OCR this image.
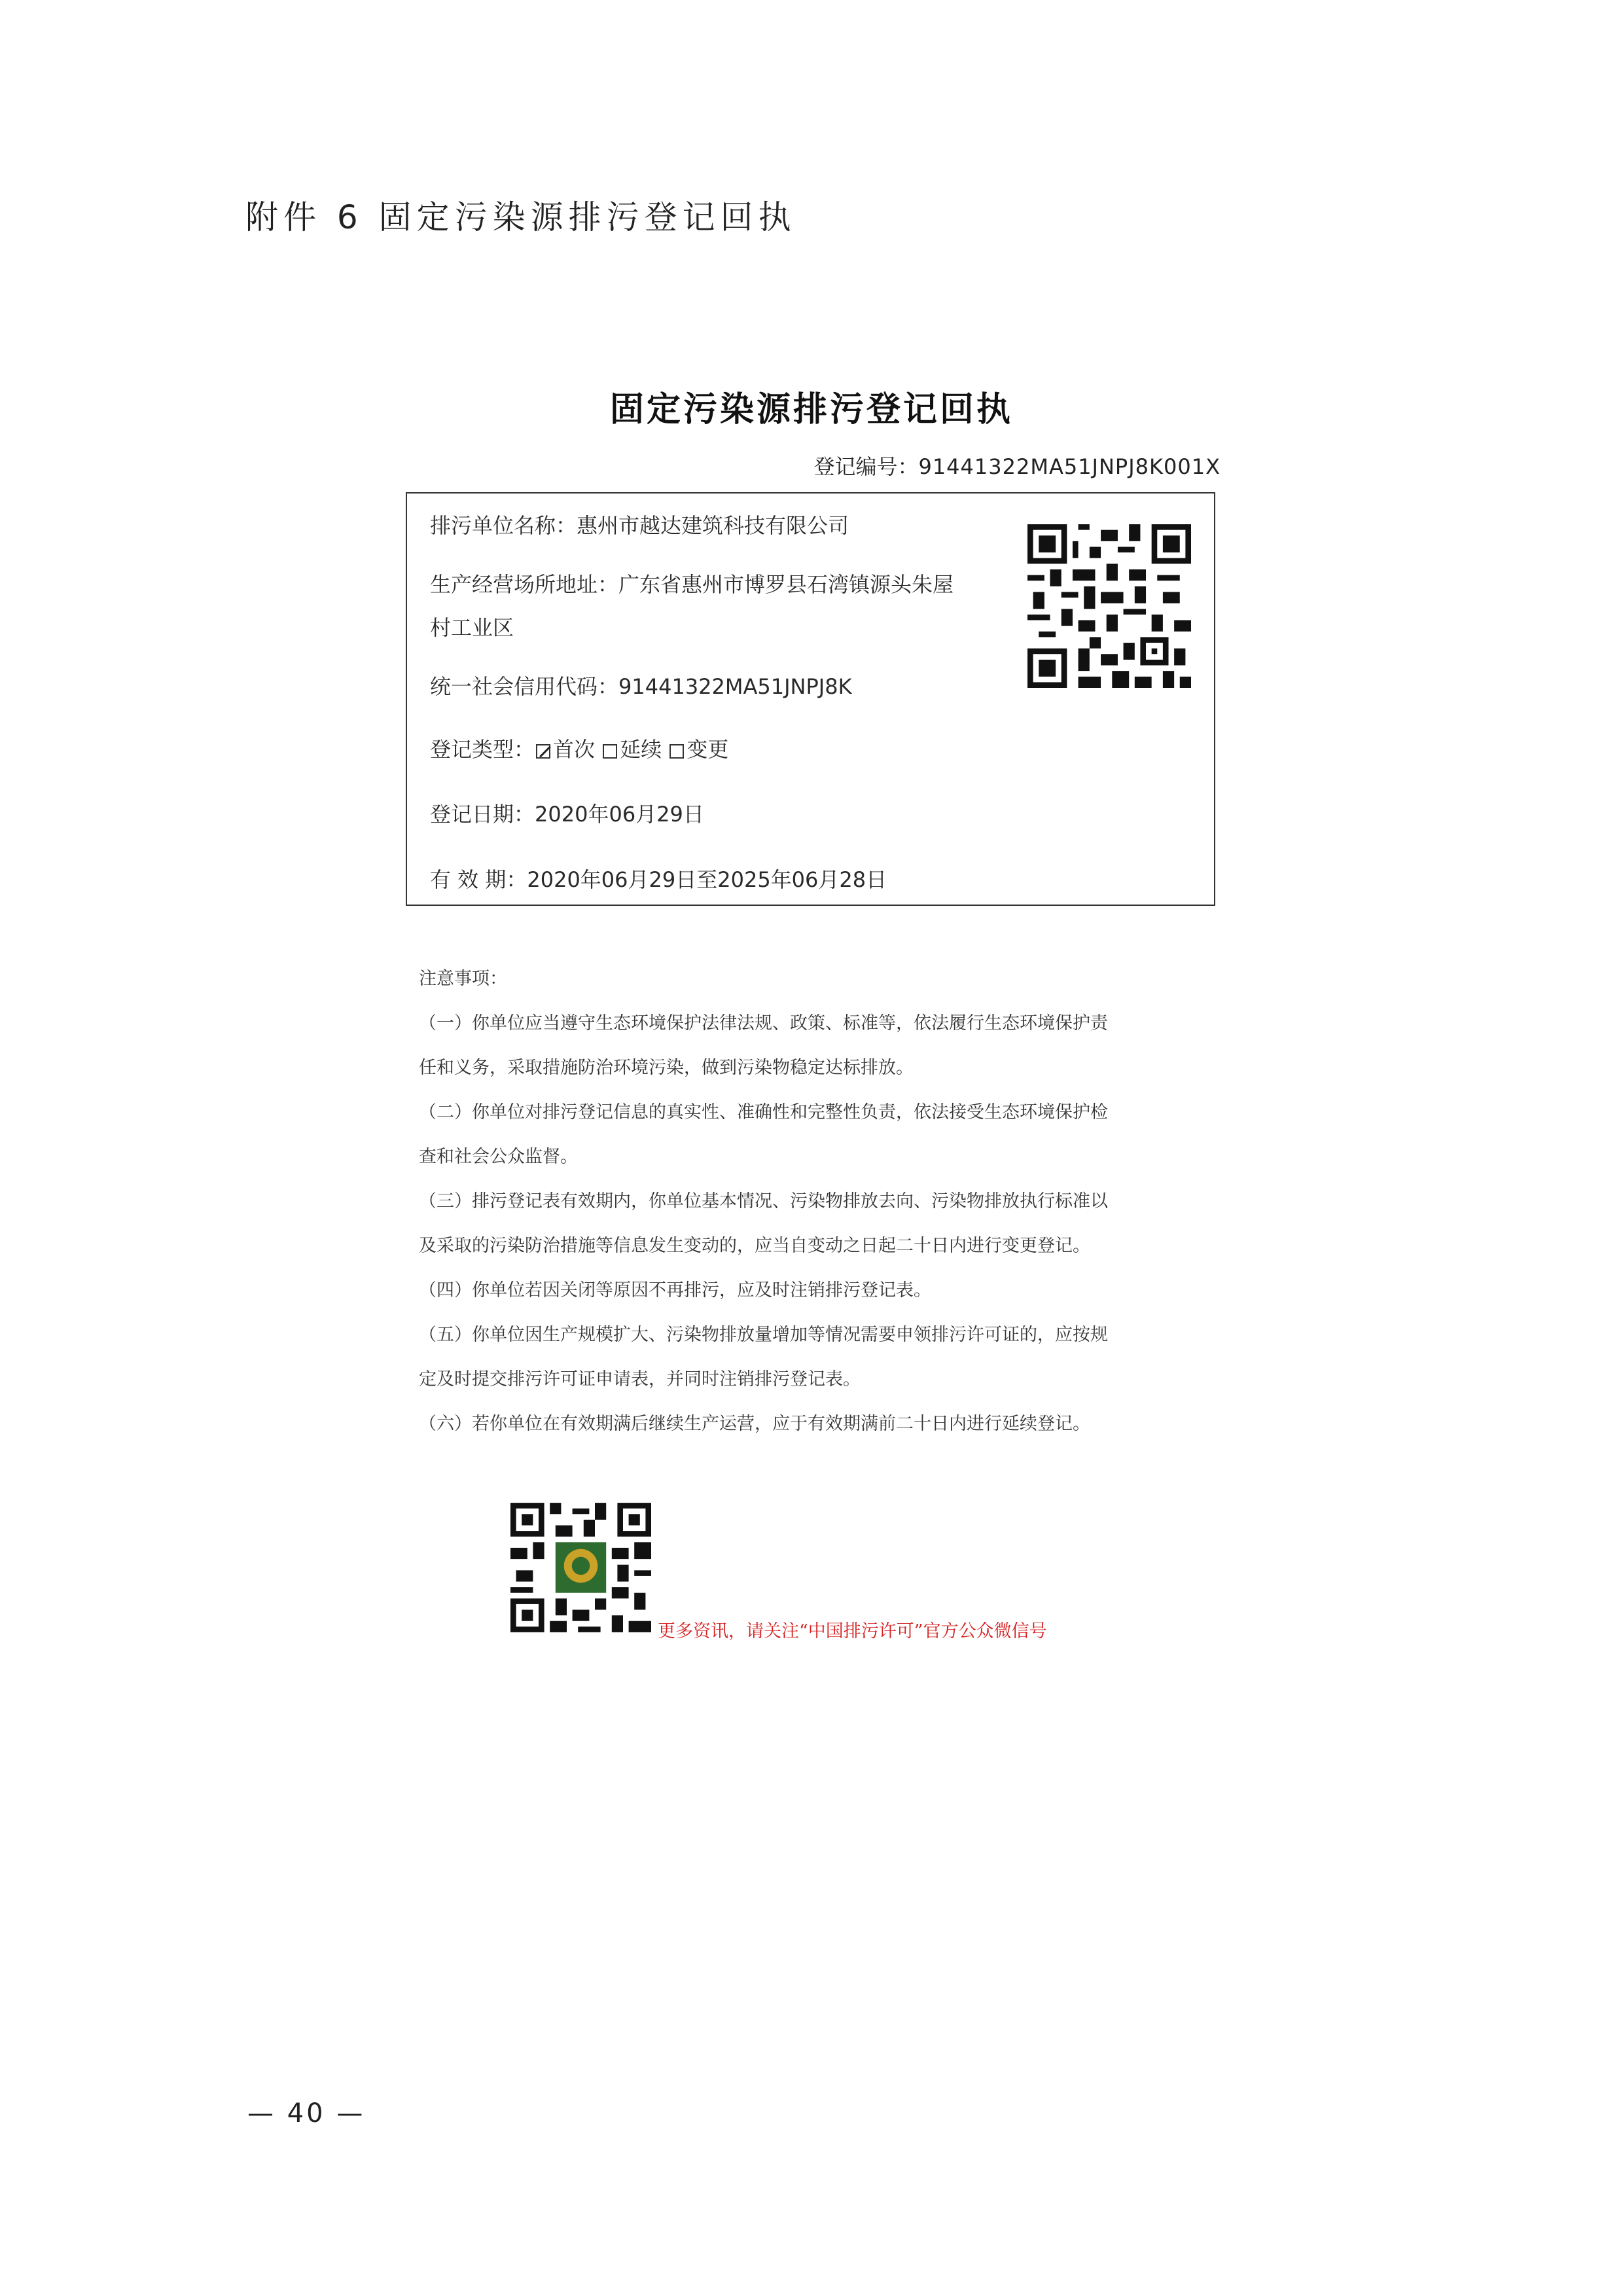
附件 6 固定污染源排污登记回执
固定污染源排污登记回执
登记编号：91441322MA51JNPJ8K001X
排污单位名称：惠州市越达建筑科技有限公司
生产经营场所地址：广东省惠州市博罗县石湾镇源头朱屋
村工业区
统一社会信用代码：91441322MA51JNPJ8K
登记类型： 首次 延续 变更
登记日期：2020年06月29日
有 效 期：2020年06月29日至2025年06月28日

注意事项：

（一）你单位应当遵守生态环境保护法律法规、政策、标准等，依法履行生态环境保护责

任和义务，采取措施防治环境污染，做到污染物稳定达标排放。

（二）你单位对排污登记信息的真实性、准确性和完整性负责，依法接受生态环境保护检

查和社会公众监督。

（三）排污登记表有效期内，你单位基本情况、污染物排放去向、污染物排放执行标准以

及采取的污染防治措施等信息发生变动的，应当自变动之日起二十日内进行变更登记。

（四）你单位若因关闭等原因不再排污，应及时注销排污登记表。

（五）你单位因生产规模扩大、污染物排放量增加等情况需要申领排污许可证的，应按规

定及时提交排污许可证申请表，并同时注销排污登记表。

（六）若你单位在有效期满后继续生产运营，应于有效期满前二十日内进行延续登记。

更多资讯，请关注“中国排污许可”官方公众微信号
— 40 —
